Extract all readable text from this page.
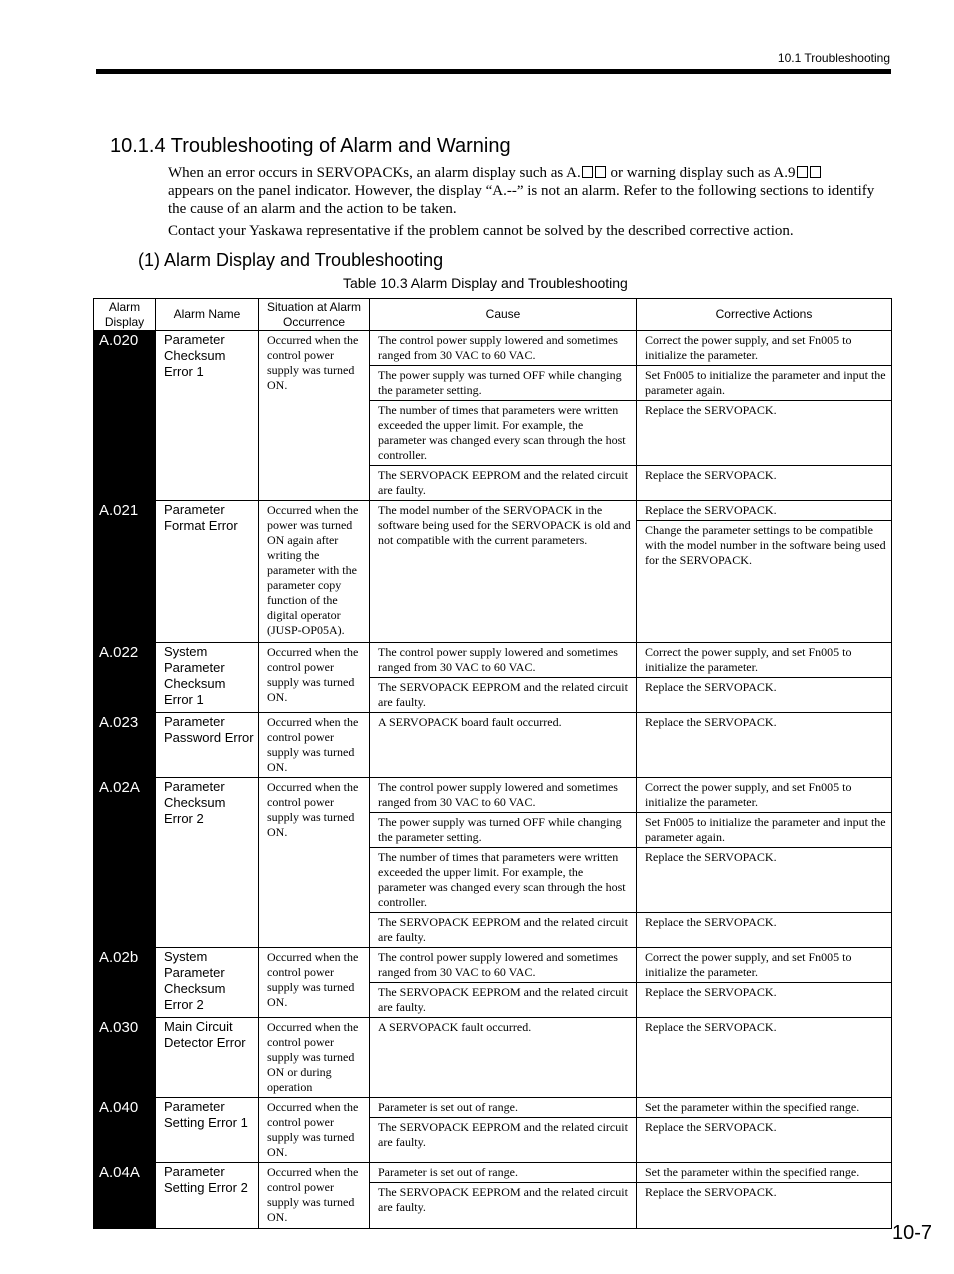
10.1 Troubleshooting
10.1.4 Troubleshooting of Alarm and Warning
When an error occurs in SERVOPACKs, an alarm display such as A. or warning display such as A.9
appears on the panel indicator. However, the display “A.--” is not an alarm. Refer to the following sections to identify the cause of an alarm and the action to be taken.
Contact your Yaskawa representative if the problem cannot be solved by the described corrective action.
(1) Alarm Display and Troubleshooting
Table 10.3 Alarm Display and Troubleshooting
Alarm Display	Alarm Name	Situation at Alarm Occurrence	Cause	Corrective Actions
A.020	Parameter Checksum Error 1	Occurred when the control power supply was turned ON.	The control power supply lowered and sometimes ranged from 30 VAC to 60 VAC.	Correct the power supply, and set Fn005 to initialize the parameter.
			The power supply was turned OFF while changing the parameter setting.	Set Fn005 to initialize the parameter and input the parameter again.
			The number of times that parameters were written exceeded the upper limit. For example, the parameter was changed every scan through the host controller.	Replace the SERVOPACK.
			The SERVOPACK EEPROM and the related circuit are faulty.	Replace the SERVOPACK.
A.021	Parameter Format Error	Occurred when the power was turned ON again after writing the parameter with the parameter copy function of the digital operator (JUSP-OP05A).	The model number of the SERVOPACK in the software being used for the SERVOPACK is old and not compatible with the current parameters.	Replace the SERVOPACK.
				Change the parameter settings to be compatible with the model number in the software being used for the SERVOPACK.
A.022	System Parameter Checksum Error 1	Occurred when the control power supply was turned ON.	The control power supply lowered and sometimes ranged from 30 VAC to 60 VAC.	Correct the power supply, and set Fn005 to initialize the parameter.
			The SERVOPACK EEPROM and the related circuit are faulty.	Replace the SERVOPACK.
A.023	Parameter Password Error	Occurred when the control power supply was turned ON.	A SERVOPACK board fault occurred.	Replace the SERVOPACK.
A.02A	Parameter Checksum Error 2	Occurred when the control power supply was turned ON.	The control power supply lowered and sometimes ranged from 30 VAC to 60 VAC.	Correct the power supply, and set Fn005 to initialize the parameter.
			The power supply was turned OFF while changing the parameter setting.	Set Fn005 to initialize the parameter and input the parameter again.
			The number of times that parameters were written exceeded the upper limit. For example, the parameter was changed every scan through the host controller.	Replace the SERVOPACK.
			The SERVOPACK EEPROM and the related circuit are faulty.	Replace the SERVOPACK.
A.02b	System Parameter Checksum Error 2	Occurred when the control power supply was turned ON.	The control power supply lowered and sometimes ranged from 30 VAC to 60 VAC.	Correct the power supply, and set Fn005 to initialize the parameter.
			The SERVOPACK EEPROM and the related circuit are faulty.	Replace the SERVOPACK.
A.030	Main Circuit Detector Error	Occurred when the control power supply was turned ON or during operation	A SERVOPACK fault occurred.	Replace the SERVOPACK.
A.040	Parameter Setting Error 1	Occurred when the control power supply was turned ON.	Parameter is set out of range.	Set the parameter within the specified range.
			The SERVOPACK EEPROM and the related circuit are faulty.	Replace the SERVOPACK.
A.04A	Parameter Setting Error 2	Occurred when the control power supply was turned ON.	Parameter is set out of range.	Set the parameter within the specified range.
			The SERVOPACK EEPROM and the related circuit are faulty.	Replace the SERVOPACK.
10-7
